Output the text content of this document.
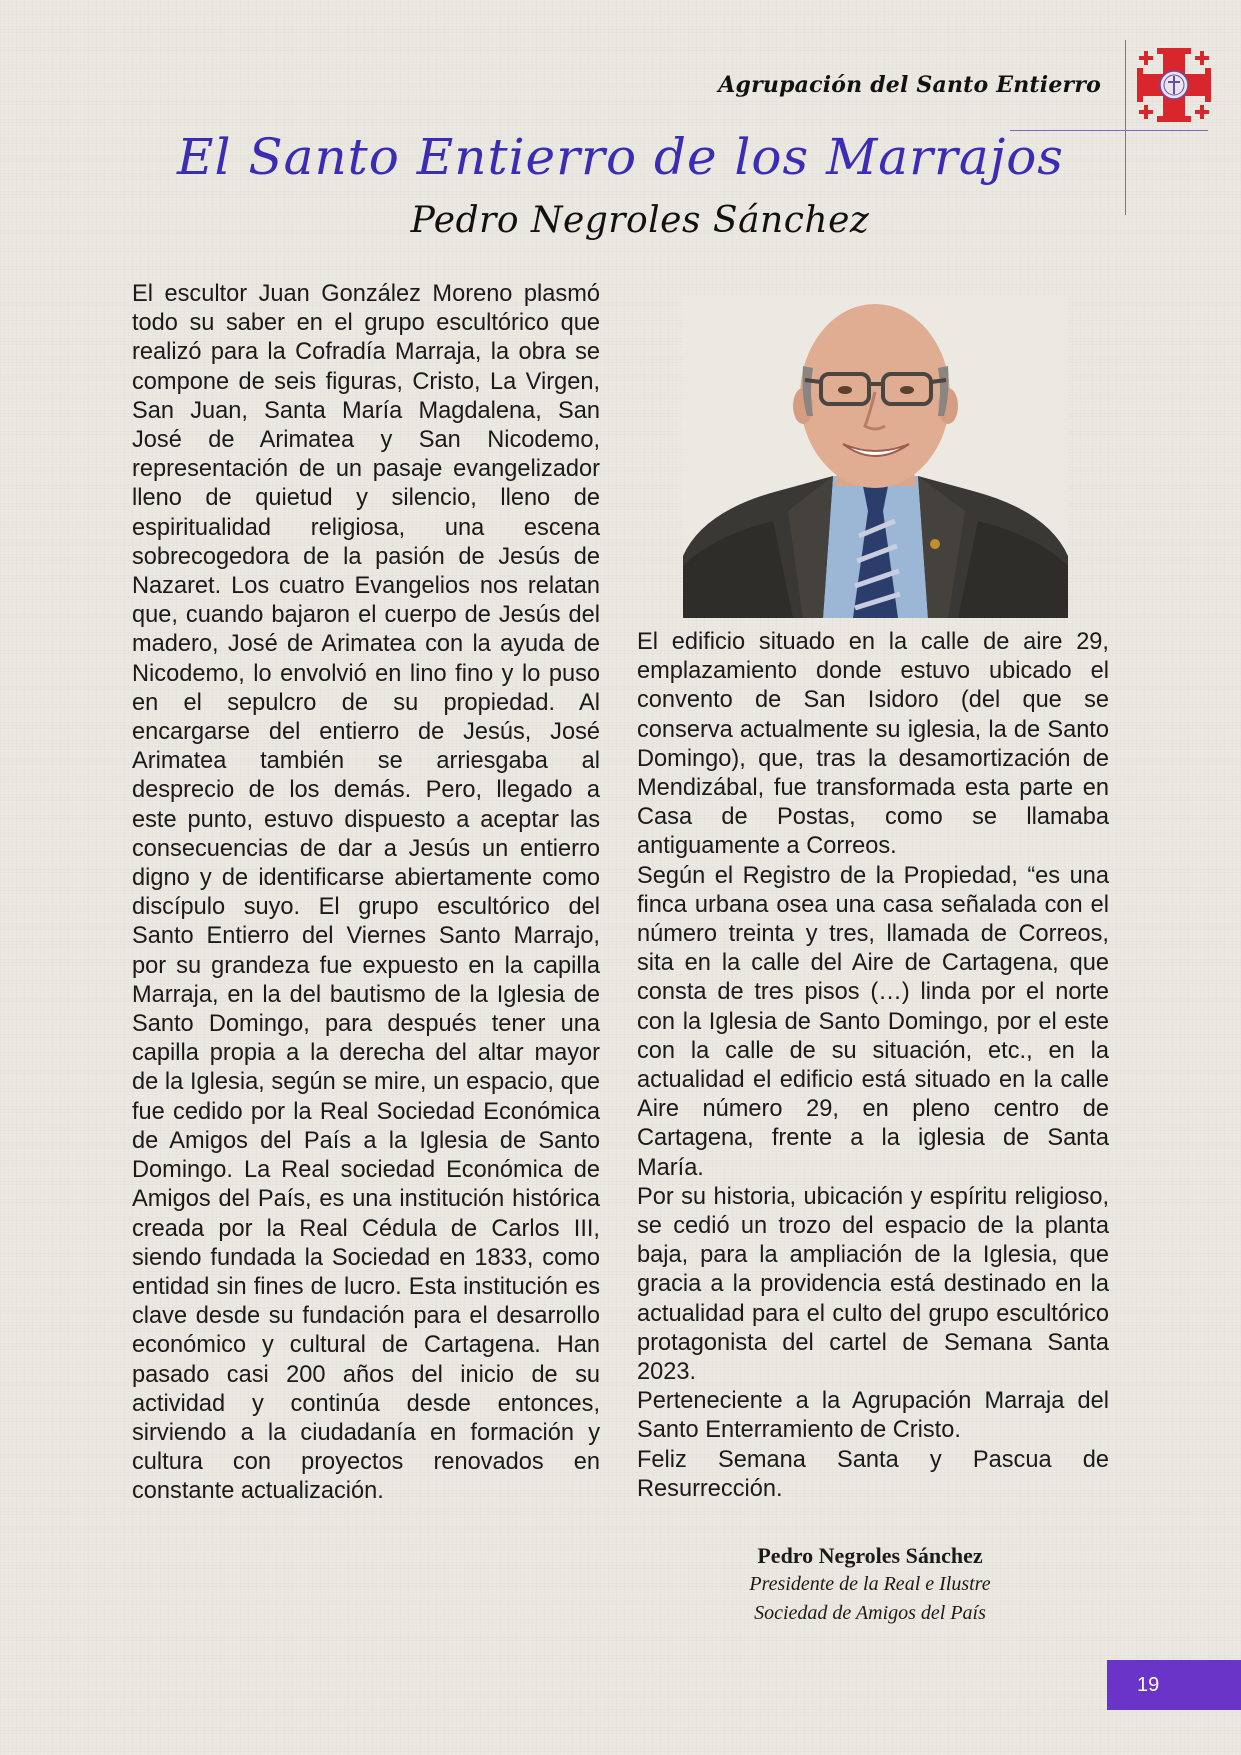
Agrupación del Santo Entierro
El Santo Entierro de los Marrajos
Pedro Negroles Sánchez
El escultor Juan González Moreno plasmó todo su saber en el grupo escultórico que realizó para la Cofradía Marraja, la obra se compone de seis figuras, Cristo, La Virgen, San Juan, Santa María Magdalena, San José de Arimatea y San Nicodemo, representación de un pasaje evangelizador lleno de quietud y silencio, lleno de espiritualidad religiosa, una escena sobrecogedora de la pasión de Jesús de Nazaret. Los cuatro Evangelios nos relatan que, cuando bajaron el cuerpo de Jesús del madero, José de Arimatea con la ayuda de Nicodemo, lo envolvió en lino fino y lo puso en el sepulcro de su propiedad. Al encargarse del entierro de Jesús, José Arimatea también se arriesgaba al desprecio de los demás. Pero, llegado a este punto, estuvo dispuesto a aceptar las consecuencias de dar a Jesús un entierro digno y de identificarse abiertamente como discípulo suyo. El grupo escultórico del Santo Entierro del Viernes Santo Marrajo, por su grandeza fue expuesto en la capilla Marraja, en la del bautismo de la Iglesia de Santo Domingo, para después tener una capilla propia a la derecha del altar mayor de la Iglesia, según se mire, un espacio, que fue cedido por la Real Sociedad Económica de Amigos del País a la Iglesia de Santo Domingo. La Real sociedad Económica de Amigos del País, es una institución histórica creada por la Real Cédula de Carlos III, siendo fundada la Sociedad en 1833, como entidad sin fines de lucro. Esta institución es clave desde su fundación para el desarrollo económico y cultural de Cartagena. Han pasado casi 200 años del inicio de su actividad y continúa desde entonces, sirviendo a la ciudadanía en formación y cultura con proyectos renovados en constante actualización.

El edificio situado en la calle de aire 29, emplazamiento donde estuvo ubicado el convento de San Isidoro (del que se conserva actualmente su iglesia, la de Santo Domingo), que, tras la desamortización de Mendizábal, fue transformada esta parte en Casa de Postas, como se llamaba antiguamente a Correos.

Según el Registro de la Propiedad, “es una finca urbana osea una casa señalada con el número treinta y tres, llamada de Correos, sita en la calle del Aire de Cartagena, que consta de tres pisos (…) linda por el norte con la Iglesia de Santo Domingo, por el este con la calle de su situación, etc., en la actualidad el edificio está situado en la calle Aire número 29, en pleno centro de Cartagena, frente a la iglesia de Santa María.

Por su historia, ubicación y espíritu religioso, se cedió un trozo del espacio de la planta baja, para la ampliación de la Iglesia, que gracia a la providencia está destinado en la actualidad para el culto del grupo escultórico protagonista del cartel de Semana Santa 2023.

Perteneciente a la Agrupación Marraja del Santo Enterramiento de Cristo.

Feliz Semana Santa y Pascua de Resurrección.

Pedro Negroles Sánchez
Presidente de la Real e Ilustre
Sociedad de Amigos del País
19
